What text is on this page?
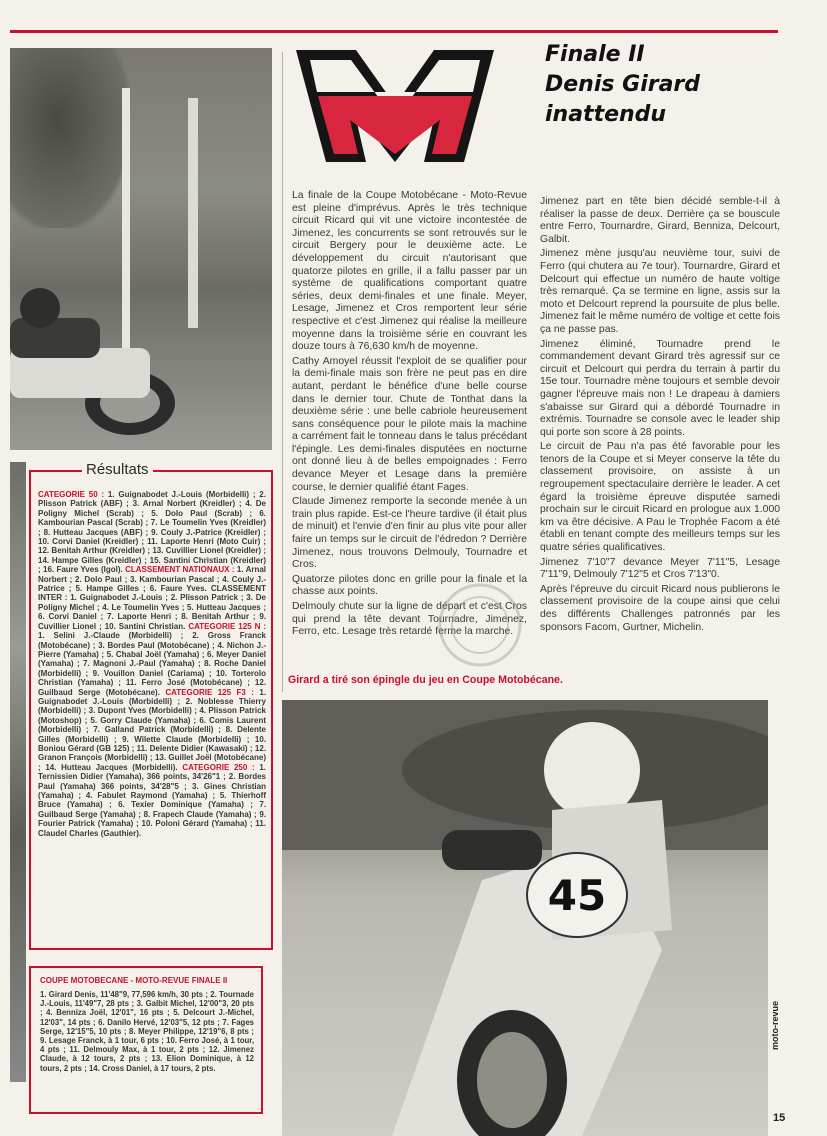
Finale II
Denis Girard
inattendu

La finale de la Coupe Motobécane - Moto-Revue est pleine d'imprévus. Après le très technique circuit Ricard qui vit une victoire incontestée de Jimenez, les concurrents se sont retrouvés sur le circuit Bergery pour le deuxième acte. Le développement du circuit n'autorisant que quatorze pilotes en grille, il a fallu passer par un système de qualifications comportant quatre séries, deux demi-finales et une finale. Meyer, Lesage, Jimenez et Cros remportent leur série respective et c'est Jimenez qui réalise la meilleure moyenne dans la troisième série en couvrant les douze tours à 76,630 km/h de moyenne.

Cathy Amoyel réussit l'exploit de se qualifier pour la demi-finale mais son frère ne peut pas en dire autant, perdant le bénéfice d'une belle course dans le dernier tour. Chute de Tonthat dans la deuxième série : une belle cabriole heureusement sans conséquence pour le pilote mais la machine a carrément fait le tonneau dans le talus précédant l'épingle. Les demi-finales disputées en nocturne ont donné lieu à de belles empoignades : Ferro devance Meyer et Lesage dans la première course, le dernier qualifié étant Fages.

Claude Jimenez remporte la seconde menée à un train plus rapide. Est-ce l'heure tardive (il était plus de minuit) et l'envie d'en finir au plus vite pour aller faire un temps sur le circuit de l'édredon ? Derrière Jimenez, nous trouvons Delmouly, Tournadre et Cros.

Quatorze pilotes donc en grille pour la finale et la chasse aux points.

Delmouly chute sur la ligne de départ et c'est Cros qui prend la tête devant Tournadre, Jimenez, Ferro, etc. Lesage très retardé ferme la marche.

Jimenez part en tête bien décidé semble-t-il à réaliser la passe de deux. Derrière ça se bouscule entre Ferro, Tournardre, Girard, Benniza, Delcourt, Galbit.

Jimenez mène jusqu'au neuvième tour, suivi de Ferro (qui chutera au 7e tour). Tournardre, Girard et Delcourt qui effectue un numéro de haute voltige très remarqué. Ça se termine en ligne, assis sur la moto et Delcourt reprend la poursuite de plus belle. Jimenez fait le même numéro de voltige et cette fois ça ne passe pas.

Jimenez éliminé, Tournadre prend le commandement devant Girard très agressif sur ce circuit et Delcourt qui perdra du terrain à partir du 15e tour. Tournadre mène toujours et semble devoir gagner l'épreuve mais non ! Le drapeau à damiers s'abaisse sur Girard qui a débordé Tournadre in extrémis. Tournadre se console avec le leader ship qui porte son score à 28 points.

Le circuit de Pau n'a pas été favorable pour les tenors de la Coupe et si Meyer conserve la tête du classement provisoire, on assiste à un regroupement spectaculaire derrière le leader. A cet égard la troisième épreuve disputée samedi prochain sur le circuit Ricard en prologue aux 1.000 km va être décisive. A Pau le Trophée Facom a été établi en tenant compte des meilleurs temps sur les quatre séries qualificatives.

Jimenez 7'10"7 devance Meyer 7'11"5, Lesage 7'11"9, Delmouly 7'12"5 et Cros 7'13"0.

Après l'épreuve du circuit Ricard nous publierons le classement provisoire de la coupe ainsi que celui des différents Challenges patronnés par les sponsors Facom, Gurtner, Michelin.

Girard a tiré son épingle du jeu en Coupe Motobécane.
Résultats
CATEGORIE 50 : 1. Guignabodet J.-Louis (Morbidelli) ; 2. Plisson Patrick (ABF) ; 3. Arnal Norbert (Kreidler) ; 4. De Poligny Michel (Scrab) ; 5. Dolo Paul (Scrab) ; 6. Kambourian Pascal (Scrab) ; 7. Le Toumelin Yves (Kreidler) ; 8. Hutteau Jacques (ABF) ; 9. Couly J.-Patrice (Kreidler) ; 10. Corvi Daniel (Kreidler) ; 11. Laporte Henri (Moto Cuir) ; 12. Benitah Arthur (Kreidler) ; 13. Cuvillier Lionel (Kreidler) ; 14. Hampe Gilles (Kreidler) ; 15. Santini Christian (Kreidler) ; 16. Faure Yves (Igol). CLASSEMENT NATIONAUX : 1. Arnal Norbert ; 2. Dolo Paul ; 3. Kambourian Pascal ; 4. Couly J.-Patrice ; 5. Hampe Gilles ; 6. Faure Yves. CLASSEMENT INTER : 1. Guignabodet J.-Louis ; 2. Plisson Patrick ; 3. De Poligny Michel ; 4. Le Toumelin Yves ; 5. Hutteau Jacques ; 6. Corvi Daniel ; 7. Laporte Henri ; 8. Benitah Arthur ; 9. Cuvillier Lionel ; 10. Santini Christian. CATEGORIE 125 N : 1. Selini J.-Claude (Morbidelli) ; 2. Gross Franck (Motobécane) ; 3. Bordes Paul (Motobécane) ; 4. Nichon J.-Pierre (Yamaha) ; 5. Chabal Joël (Yamaha) ; 6. Meyer Daniel (Yamaha) ; 7. Magnoni J.-Paul (Yamaha) ; 8. Roche Daniel (Morbidelli) ; 9. Vouillon Daniel (Cariama) ; 10. Torterolo Christian (Yamaha) ; 11. Ferro José (Motobécane) ; 12. Guilbaud Serge (Motobécane). CATEGORIE 125 F3 : 1. Guignabodet J.-Louis (Morbidelli) ; 2. Noblesse Thierry (Morbidelli) ; 3. Dupont Yves (Morbidelli) ; 4. Plisson Patrick (Motoshop) ; 5. Gorry Claude (Yamaha) ; 6. Comis Laurent (Morbidelli) ; 7. Galland Patrick (Morbidelli) ; 8. Delente Gilles (Morbidelli) ; 9. Wilette Claude (Morbidelli) ; 10. Boniou Gérard (GB 125) ; 11. Delente Didier (Kawasaki) ; 12. Granon François (Morbidelli) ; 13. Guillet Joël (Motobécane) ; 14. Hutteau Jacques (Morbidelli). CATEGORIE 250 : 1. Ternissien Didier (Yamaha), 366 points, 34'26"1 ; 2. Bordes Paul (Yamaha) 366 points, 34'28"5 ; 3. Gines Christian (Yamaha) ; 4. Fabulet Raymond (Yamaha) ; 5. Thierhoff Bruce (Yamaha) ; 6. Texier Dominique (Yamaha) ; 7. Guilbaud Serge (Yamaha) ; 8. Frapech Claude (Yamaha) ; 9. Fourier Patrick (Yamaha) ; 10. Poloni Gérard (Yamaha) ; 11. Claudel Charles (Gauthier).
COUPE MOTOBECANE - MOTO-REVUE FINALE II
1. Girard Denis, 11'48"9, 77,596 km/h, 30 pts ; 2. Tournade J.-Louis, 11'49"7, 28 pts ; 3. Galbit Michel, 12'00"3, 20 pts ; 4. Benniza Joël, 12'01", 16 pts ; 5. Delcourt J.-Michel, 12'03", 14 pts ; 6. Danilo Hervé, 12'03"5, 12 pts ; 7. Fages Serge, 12'15"5, 10 pts ; 8. Meyer Philippe, 12'19"6, 8 pts ; 9. Lesage Franck, à 1 tour, 6 pts ; 10. Ferro José, à 1 tour, 4 pts ; 11. Delmouly Max, à 1 tour, 2 pts ; 12. Jimenez Claude, à 12 tours, 2 pts ; 13. Elion Dominique, à 12 tours, 2 pts ; 14. Cross Daniel, à 17 tours, 2 pts.
45
moto-revue
15
